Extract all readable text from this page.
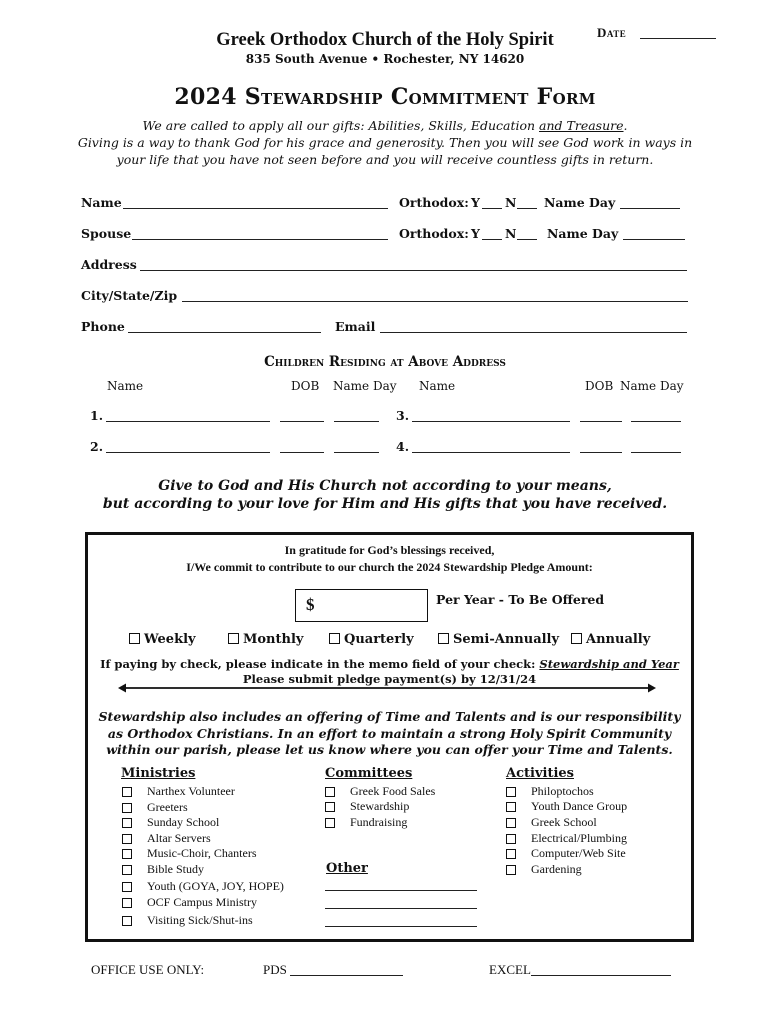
Date
Greek Orthodox Church of the Holy Spirit
835 South Avenue • Rochester, NY 14620
2024 Stewardship Commitment Form
We are called to apply all our gifts: Abilities, Skills, Education and Treasure.
Giving is a way to thank God for his grace and generosity. Then you will see God work in ways in
your life that you have not seen before and you will receive countless gifts in return.
Name	Orthodox: Y N Name Day
Spouse	Orthodox: Y N Name Day
Address
City/State/Zip
Phone	Email
Children Residing at Above Address
Name	DOB Name Day Name	DOB Name Day
1.	3.
2.	4.
Give to God and His Church not according to your means,
but according to your love for Him and His gifts that you have received.
In gratitude for God’s blessings received,
I/We commit to contribute to our church the 2024 Stewardship Pledge Amount:
$	Per Year - To Be Offered
Weekly	Monthly	Quarterly	Semi-Annually	Annually
If paying by check, please indicate in the memo field of your check: Stewardship and Year
Please submit pledge payment(s) by 12/31/24
Stewardship also includes an offering of Time and Talents and is our responsibility
as Orthodox Christians. In an effort to maintain a strong Holy Spirit Community
within our parish, please let us know where you can offer your Time and Talents.
Ministries
Narthex Volunteer
Greeters
Sunday School
Altar Servers
Music-Choir, Chanters
Bible Study
Youth (GOYA, JOY, HOPE)
OCF Campus Ministry
Visiting Sick/Shut-ins
Committees
Greek Food Sales
Stewardship
Fundraising
Other
Activities
Philoptochos
Youth Dance Group
Greek School
Electrical/Plumbing
Computer/Web Site
Gardening
OFFICE USE ONLY:	PDS	EXCEL
